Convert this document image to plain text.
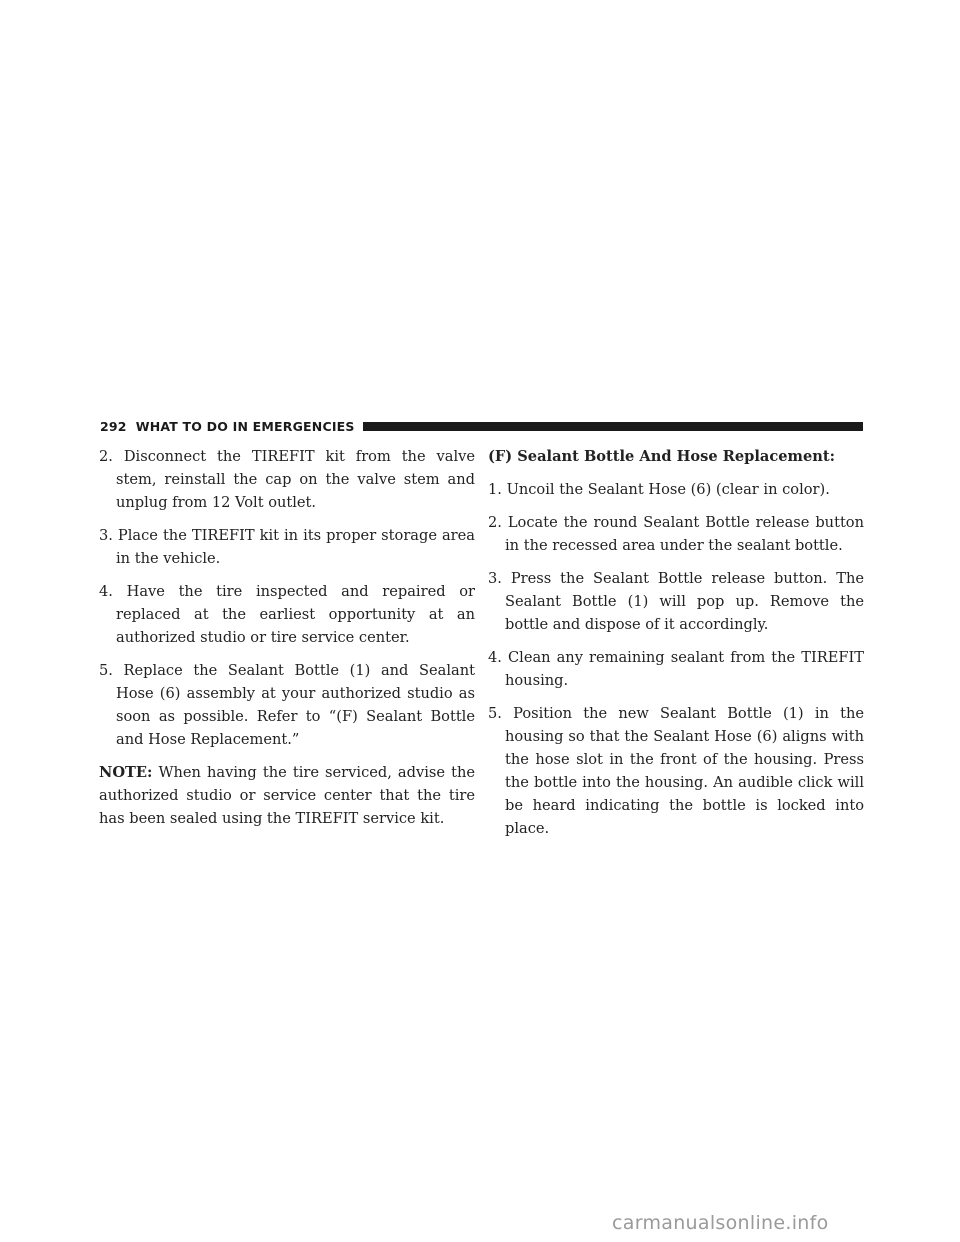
292 WHAT TO DO IN EMERGENCIES

2. Disconnect the TIREFIT kit from the valve stem, reinstall the cap on the valve stem and unplug from 12 Volt outlet.

3. Place the TIREFIT kit in its proper storage area in the vehicle.

4. Have the tire inspected and repaired or replaced at the earliest opportunity at an authorized studio or tire service center.

5. Replace the Sealant Bottle (1) and Sealant Hose (6) assembly at your authorized studio as soon as possible. Refer to “(F) Sealant Bottle and Hose Replacement.”

NOTE: When having the tire serviced, advise the authorized studio or service center that the tire has been sealed using the TIREFIT service kit.

(F) Sealant Bottle And Hose Replacement:

1. Uncoil the Sealant Hose (6) (clear in color).

2. Locate the round Sealant Bottle release button in the recessed area under the sealant bottle.

3. Press the Sealant Bottle release button. The Sealant Bottle (1) will pop up. Remove the bottle and dispose of it accordingly.

4. Clean any remaining sealant from the TIREFIT housing.

5. Position the new Sealant Bottle (1) in the housing so that the Sealant Hose (6) aligns with the hose slot in the front of the housing. Press the bottle into the housing. An audible click will be heard indicating the bottle is locked into place.

carmanualsonline.info
